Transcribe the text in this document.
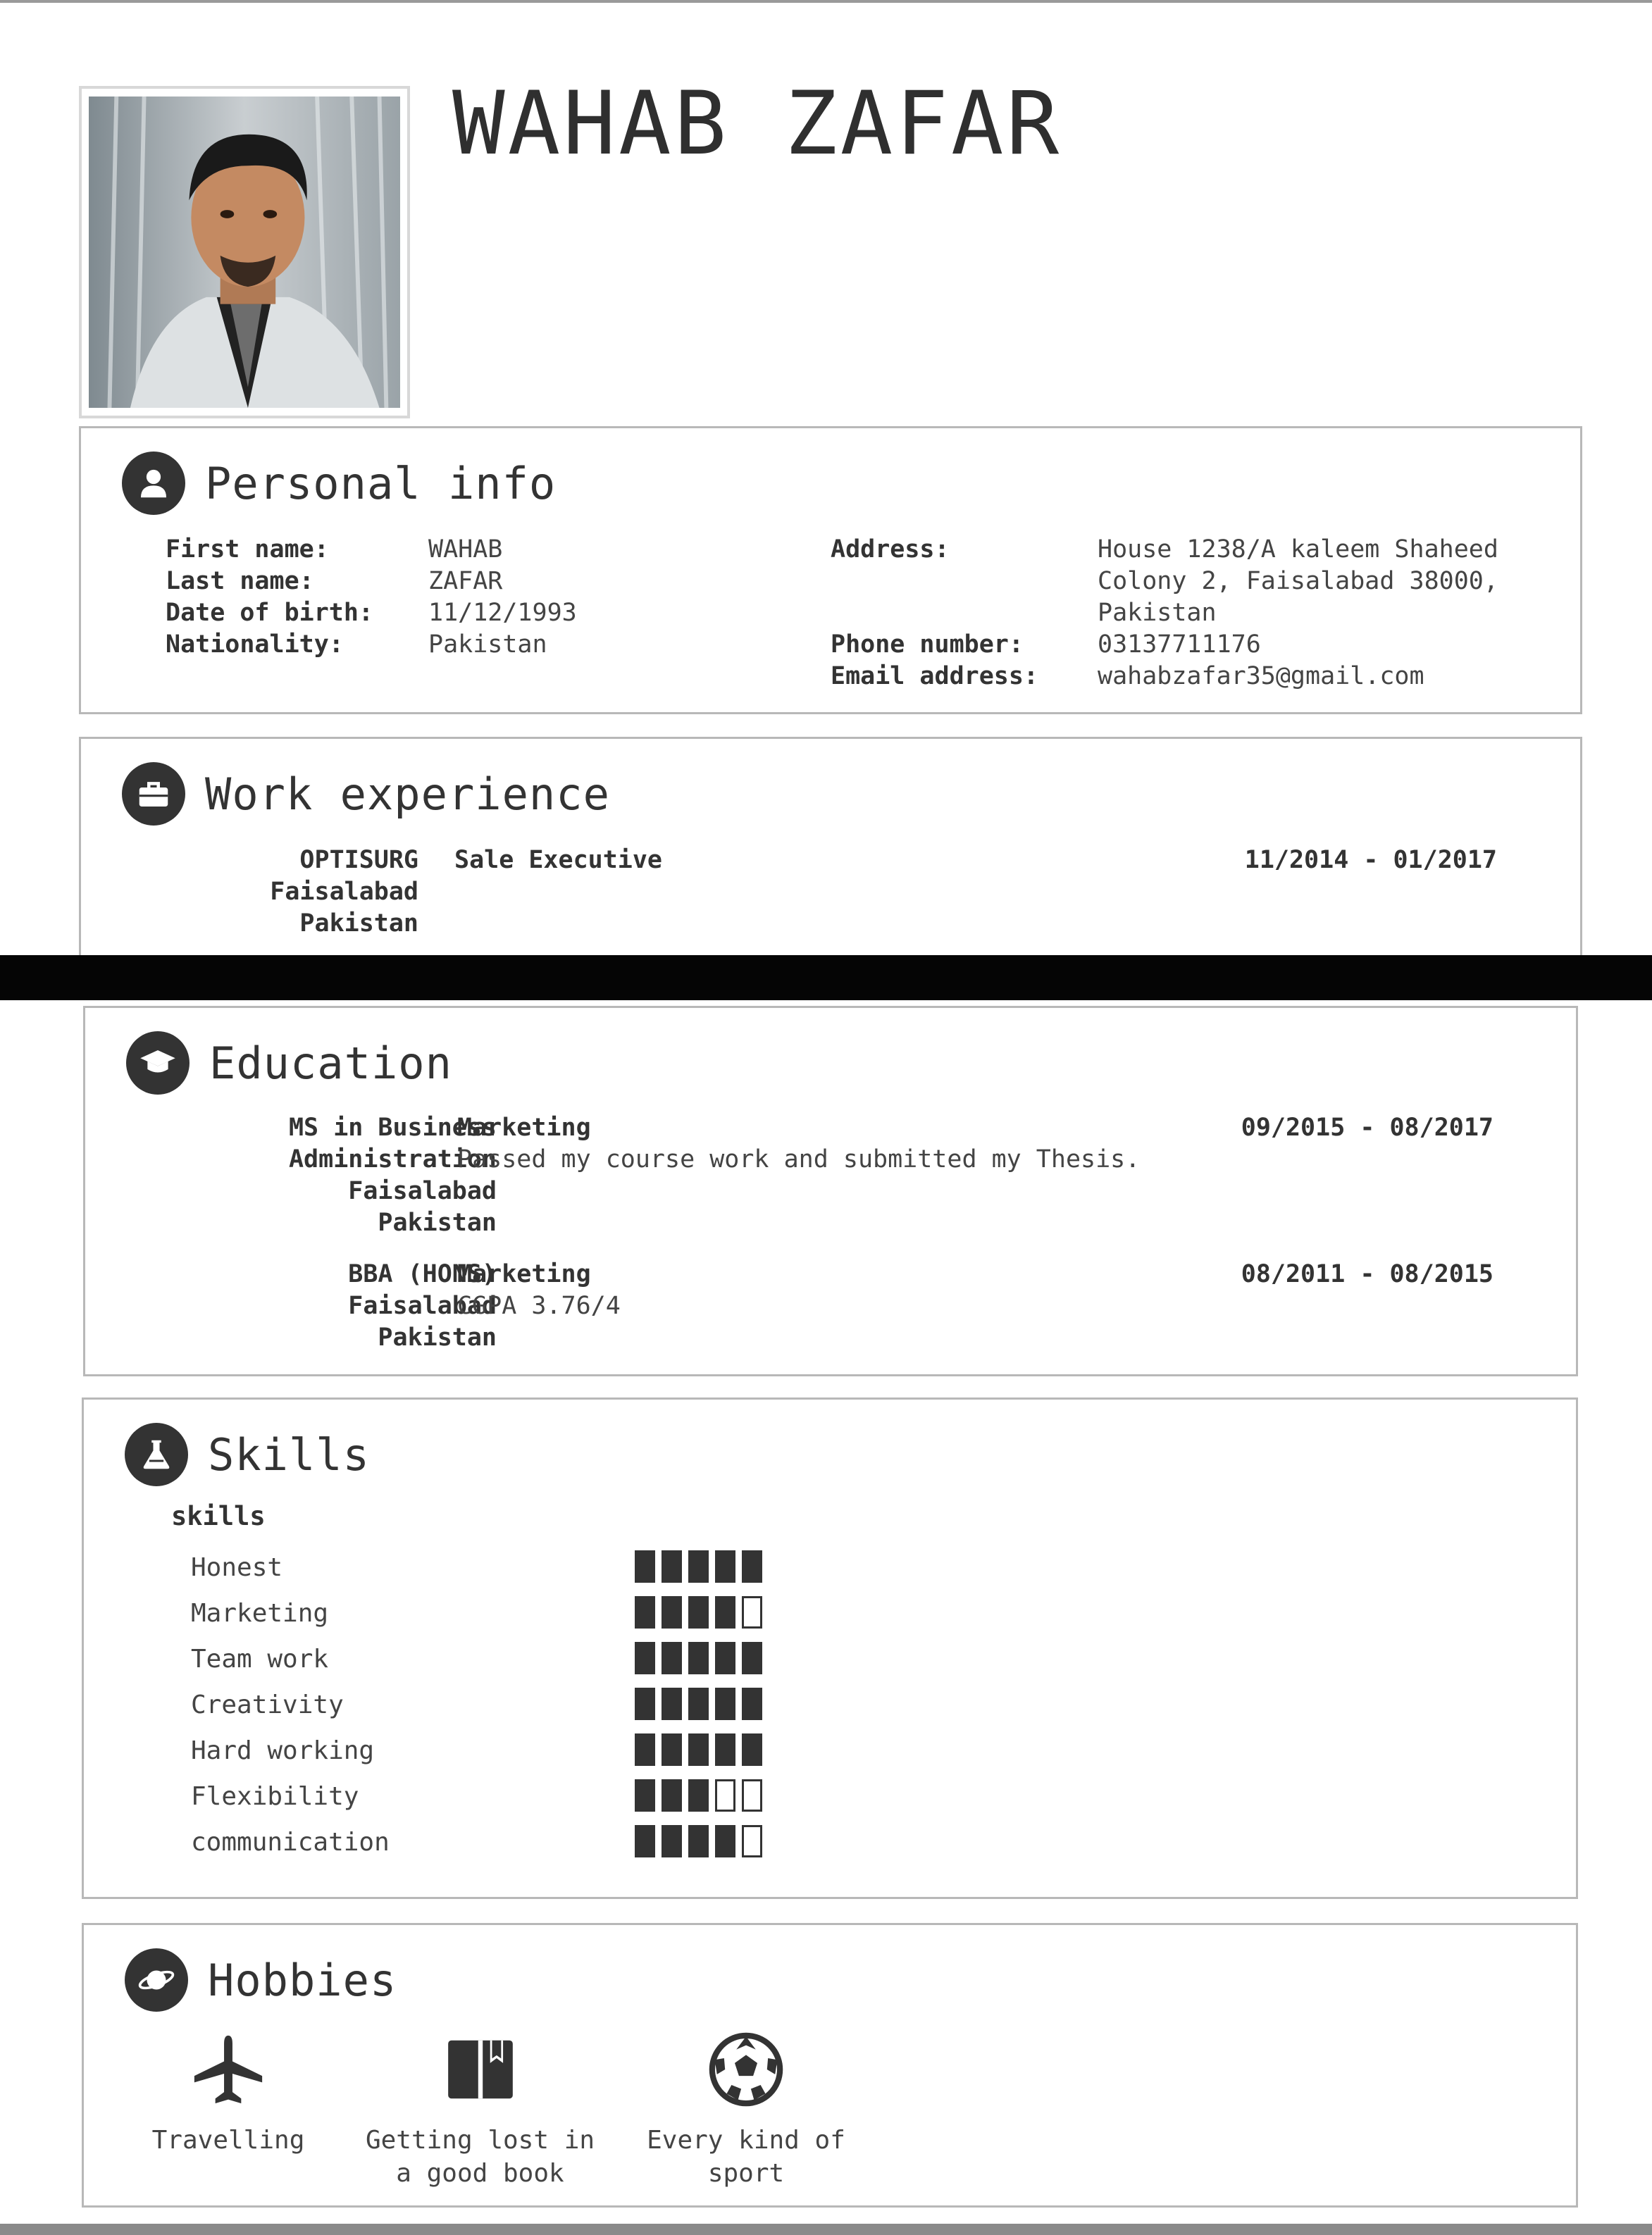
WAHAB ZAFAR
Personal info
First name:
Last name:
Date of birth:
Nationality:
WAHAB
ZAFAR
11/12/1993
Pakistan
Address:
Phone number:
Email address:
House 1238/A kaleem Shaheed
Colony 2, Faisalabad 38000,
Pakistan
03137711176
wahabzafar35@gmail.com
Work experience
OPTISURG
Faisalabad
Pakistan
Sale Executive	11/2014 - 01/2017
Education
MS in Business
Administration
Faisalabad
Pakistan
Marketing
Passed my course work and submitted my Thesis.
09/2015 - 08/2017
BBA (HONS)
Faisalabad
Pakistan
Marketing
CGPA 3.76/4
08/2011 - 08/2015
Skills
skills
Honest
Marketing
Team work
Creativity
Hard working
Flexibility
communication
Hobbies
Travelling	Getting lost in
a good book
Every kind of
sport
